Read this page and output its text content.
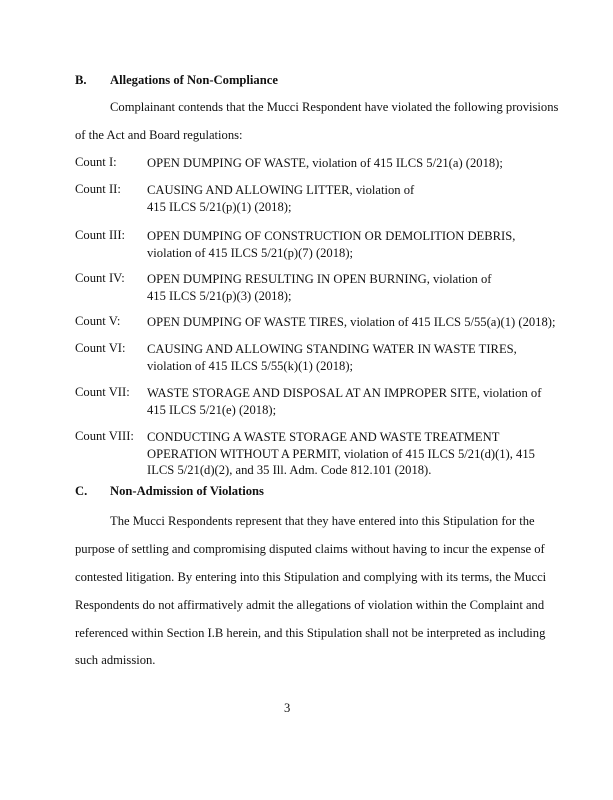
B. Allegations of Non-Compliance
Complainant contends that the Mucci Respondent have violated the following provisions
of the Act and Board regulations:
Count I: OPEN DUMPING OF WASTE, violation of 415 ILCS 5/21(a) (2018);
Count II: CAUSING AND ALLOWING LITTER, violation of
415 ILCS 5/21(p)(1) (2018);
Count III: OPEN DUMPING OF CONSTRUCTION OR DEMOLITION DEBRIS,
violation of 415 ILCS 5/21(p)(7) (2018);
Count IV: OPEN DUMPING RESULTING IN OPEN BURNING, violation of
415 ILCS 5/21(p)(3) (2018);
Count V: OPEN DUMPING OF WASTE TIRES, violation of 415 ILCS 5/55(a)(1) (2018);
Count VI: CAUSING AND ALLOWING STANDING WATER IN WASTE TIRES,
violation of 415 ILCS 5/55(k)(1) (2018);
Count VII: WASTE STORAGE AND DISPOSAL AT AN IMPROPER SITE, violation of
415 ILCS 5/21(e) (2018);
Count VIII: CONDUCTING A WASTE STORAGE AND WASTE TREATMENT
OPERATION WITHOUT A PERMIT, violation of 415 ILCS 5/21(d)(1), 415
ILCS 5/21(d)(2), and 35 Ill. Adm. Code 812.101 (2018).
C. Non-Admission of Violations
The Mucci Respondents represent that they have entered into this Stipulation for the
purpose of settling and compromising disputed claims without having to incur the expense of
contested litigation. By entering into this Stipulation and complying with its terms, the Mucci
Respondents do not affirmatively admit the allegations of violation within the Complaint and
referenced within Section I.B herein, and this Stipulation shall not be interpreted as including
such admission.
3
